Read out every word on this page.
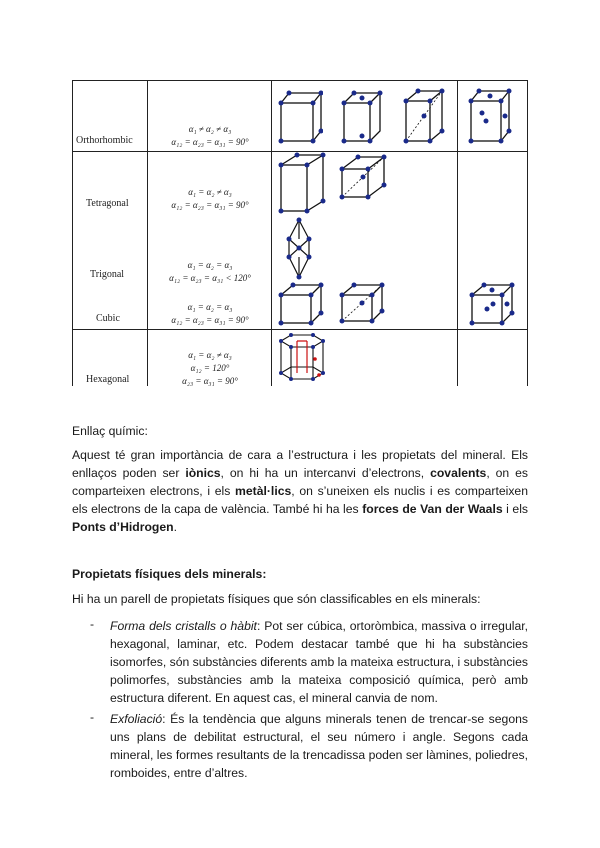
Orthorhombic
Tetragonal
Trigonal
Cubic
Hexagonal
α₁ ≠ α₂ ≠ α₃
α₁₂ = α₂₃ = α₃₁ = 90°
α₁ = α₂ ≠ α₃
α₁₂ = α₂₃ = α₃₁ = 90°
α₁ = α₂ = α₃
α₁₂ = α₂₃ = α₃₁ < 120°
α₁ = α₂ = α₃
α₁₂ = α₂₃ = α₃₁ = 90°
α₁ = α₂ ≠ α₃
α₁₂ = 120°
α₂₃ = α₃₁ = 90°
Enllaç químic:
Aquest té gran importància de cara a l’estructura i les propietats del mineral. Els enllaços poden ser iònics, on hi ha un intercanvi d’electrons, covalents, on es comparteixen electrons, i els metàl·lics, on s’uneixen els nuclis i es comparteixen els electrons de la capa de valència. També hi ha les forces de Van der Waals i els Ponts d’Hidrogen.
Propietats físiques dels minerals:
Hi ha un parell de propietats físiques que són classificables en els minerals:
- Forma dels cristalls o hàbit: Pot ser cúbica, ortoròmbica, massiva o irregular, hexagonal, laminar, etc. Podem destacar també que hi ha substàncies isomorfes, són substàncies diferents amb la mateixa estructura, i substàncies polimorfes, substàncies amb la mateixa composició química, però amb estructura diferent. En aquest cas, el mineral canvia de nom.
- Exfoliació: És la tendència que alguns minerals tenen de trencar-se segons uns plans de debilitat estructural, el seu número i angle. Segons cada mineral, les formes resultants de la trencadissa poden ser làmines, poliedres, romboides, entre d’altres.
